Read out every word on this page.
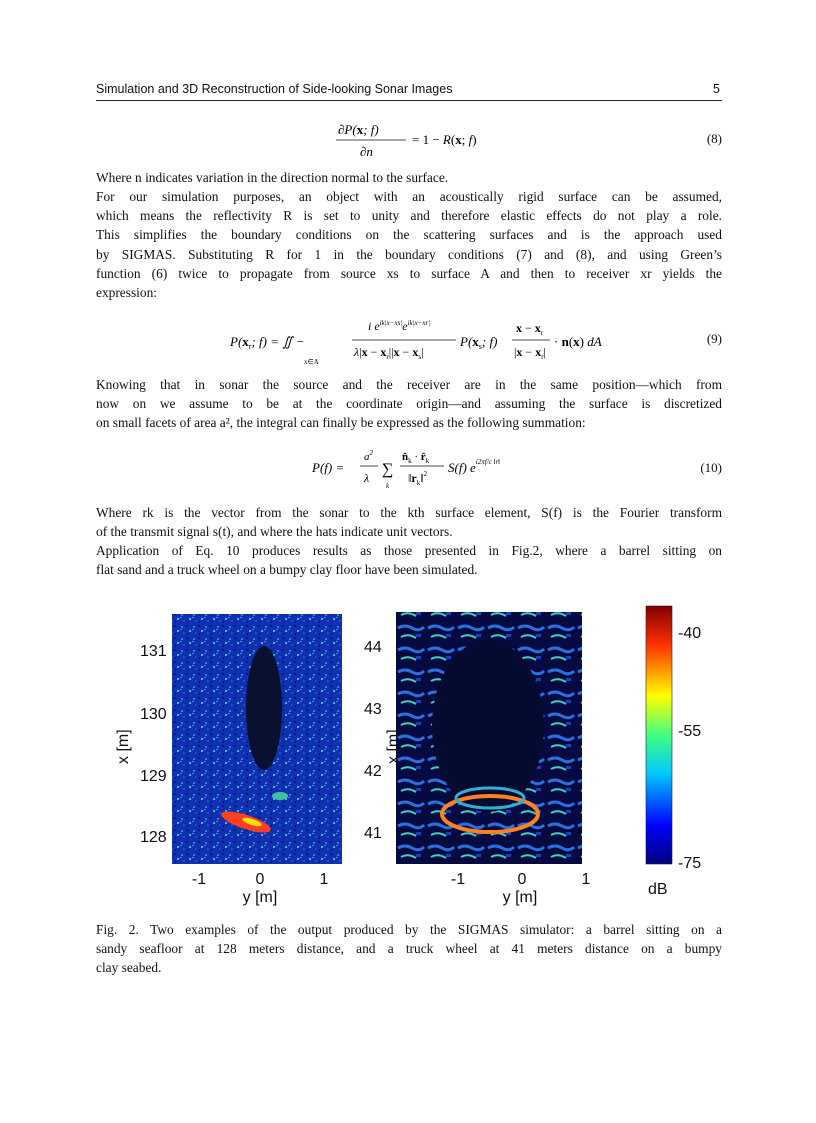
Simulation and 3D Reconstruction of Side-looking Sonar Images	5
∂P(x; f)
∂n
= 1 − R(x; f)	(8)
Where n indicates variation in the direction normal to the surface.
For our simulation purposes, an object with an acoustically rigid surface can be assumed,
which means the reflectivity R is set to unity and therefore elastic effects do not play a role.
This simplifies the boundary conditions on the scattering surfaces and is the approach used
by SIGMAS. Substituting R for 1 in the boundary conditions (7) and (8), and using Green’s
function (6) twice to propagate from source xs to surface A and then to receiver xr yields the
expression:
$P(x_r$; f) = ∬ −
x∈A
i $e^{ik|x-xs|}e^{ik|x-xr|}$
$\lambda|x - x_r||x - x_s|$
$P(x_s$; f)
$x - x_r$
$|x - x_r|$
· n(x) dA	(9)
Knowing that in sonar the source and the receiver are in the same position—which from
now on we assume to be at the coordinate origin—and assuming the surface is discretized
on small facets of area a², the integral can finally be expressed as the following summation:
P(f) =
$a^2$
λ ∑
k
$n̂_k$ · $r̂_k$
$‖r_k‖^2$ S(f) $e^{i2\pi f/c ‖r‖}$	(10)
Where rk is the vector from the sonar to the kth surface element, S(f) is the Fourier transform
of the transmit signal s(t), and where the hats indicate unit vectors.
Application of Eq. 10 produces results as those presented in Fig.2, where a barrel sitting on
flat sand and a truck wheel on a bumpy clay floor have been simulated.
131
130
129
128
x [m]
-1	0	1
y [m]
44
43
42
41
x [m]
-1	0	1
y [m]
-40
-55
-75
dB
Fig. 2. Two examples of the output produced by the SIGMAS simulator: a barrel sitting on a
sandy seafloor at 128 meters distance, and a truck wheel at 41 meters distance on a bumpy
clay seabed.
